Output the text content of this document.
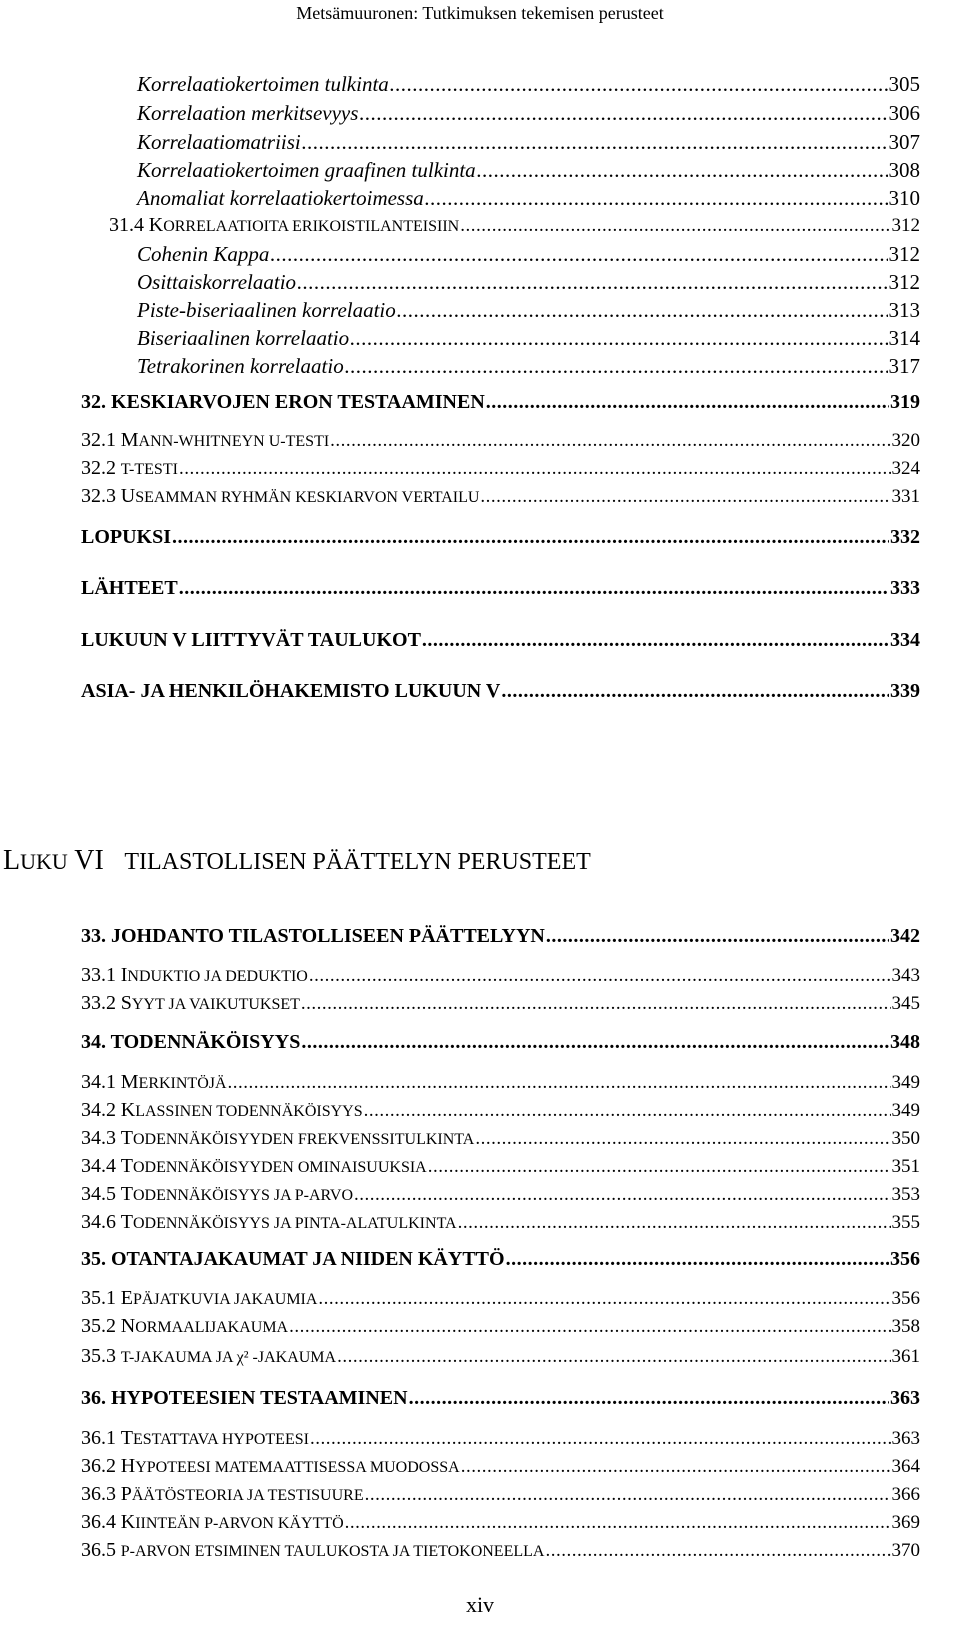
Metsämuuronen: Tutkimuksen tekemisen perusteet
Korrelaatiokertoimen tulkinta .....	305
Korrelaation merkitsevyys .....	306
Korrelaatiomatriisi .....	307
Korrelaatiokertoimen graafinen tulkinta .....	308
Anomaliat korrelaatiokertoimessa .....	310
31.4 KORRELAATIOITA ERIKOISTILANTEISIIN .....	312
Cohenin Kappa .....	312
Osittaiskorrelaatio .....	312
Piste-biseriaalinen korrelaatio .....	313
Biseriaalinen korrelaatio .....	314
Tetrakorinen korrelaatio .....	317
32. KESKIARVOJEN ERON TESTAAMINEN .....	319
32.1 MANN-WHITNEYN U-TESTI .....	320
32.2 T-TESTI .....	324
32.3 USEAMMAN RYHMÄN KESKIARVON VERTAILU .....	331
LOPUKSI .....	332
LÄHTEET .....	333
LUKUUN V LIITTYVÄT TAULUKOT .....	334
ASIA- JA HENKILÖHAKEMISTO LUKUUN V .....	339
LUKU VI TILASTOLLISEN PÄÄTTELYN PERUSTEET
33. JOHDANTO TILASTOLLISEEN PÄÄTTELYYN .....	342
33.1 INDUKTIO JA DEDUKTIO .....	343
33.2 SYYT JA VAIKUTUKSET .....	345
34. TODENNÄKÖISYYS .....	348
34.1 MERKINTÖJÄ .....	349
34.2 KLASSINEN TODENNÄKÖISYYS .....	349
34.3 TODENNÄKÖISYYDEN FREKVENSSITULKINTA .....	350
34.4 TODENNÄKÖISYYDEN OMINAISUUKSIA .....	351
34.5 TODENNÄKÖISYYS JA P-ARVO .....	353
34.6 TODENNÄKÖISYYS JA PINTA-ALATULKINTA .....	355
35. OTANTAJAKAUMAT JA NIIDEN KÄYTTÖ .....	356
35.1 EPÄJATKUVIA JAKAUMIA .....	356
35.2 NORMAALIJAKAUMA .....	358
35.3 T-JAKAUMA JA χ² -JAKAUMA .....	361
36. HYPOTEESIEN TESTAAMINEN .....	363
36.1 TESTATTAVA HYPOTEESI .....	363
36.2 HYPOTEESI MATEMAATTISESSA MUODOSSA .....	364
36.3 PÄÄTÖSTEORIA JA TESTISUURE .....	366
36.4 KIINTEÄN P-ARVON KÄYTTÖ .....	369
36.5 P-ARVON ETSIMINEN TAULUKOSTA JA TIETOKONEELLA .....	370
xiv
